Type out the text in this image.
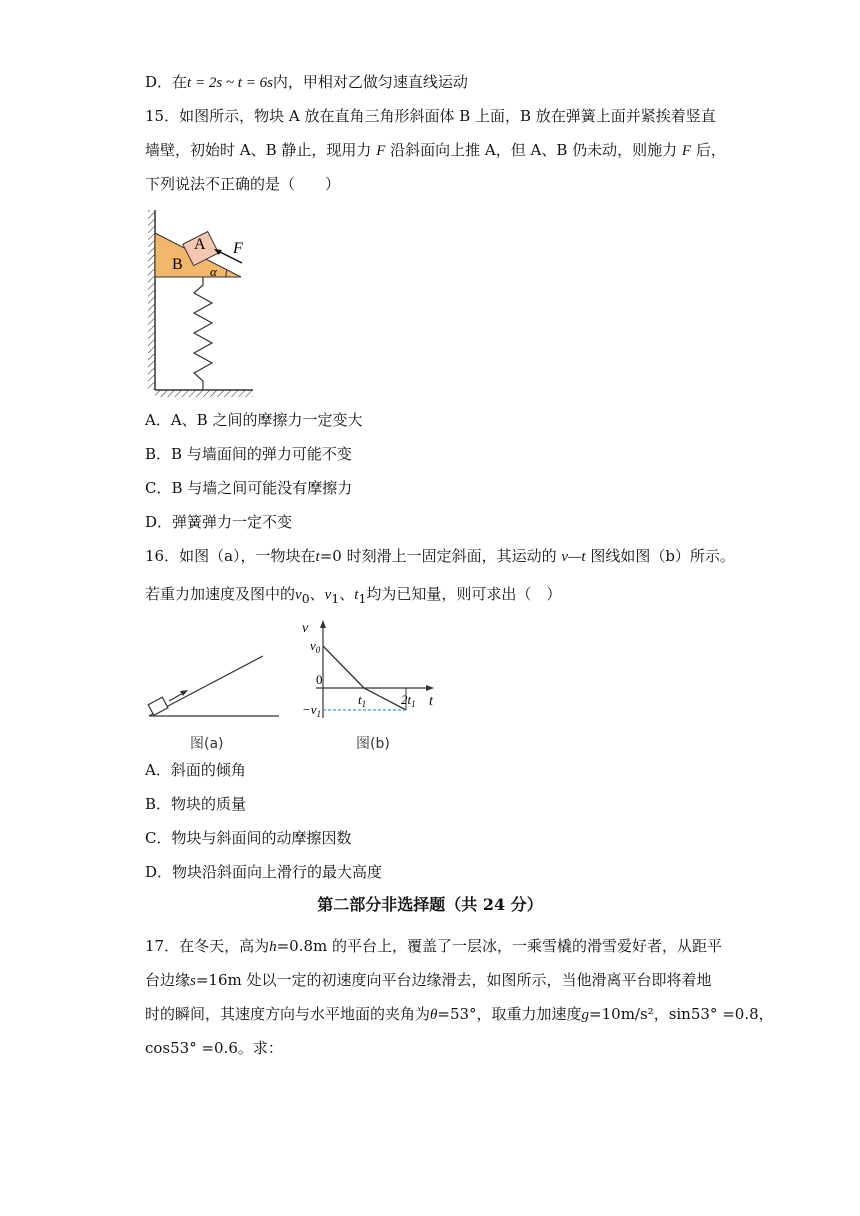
D．在t = 2s ~ t = 6s内，甲相对乙做匀速直线运动
15．如图所示，物块 A 放在直角三角形斜面体 B 上面，B 放在弹簧上面并紧挨着竖直
墙壁，初始时 A、B 静止，现用力 F 沿斜面向上推 A，但 A、B 仍未动，则施力 F 后，
下列说法不正确的是（　　）
B
A F
α
A．A、B 之间的摩擦力一定变大
B．B 与墙面间的弹力可能不变
C．B 与墙之间可能没有摩擦力
D．弹簧弹力一定不变
16．如图（a），一物块在t=0 时刻滑上一固定斜面，其运动的 v—t 图线如图（b）所示。
若重力加速度及图中的$v_0$、$v_1$、$t_1$均为已知量，则可求出（　）
图(a)
v
$v_0$
0
$t_1$	$2t_1$ t
$-v_1$
图(b)
A．斜面的倾角
B．物块的质量
C．物块与斜面间的动摩擦因数
D．物块沿斜面向上滑行的最大高度
第二部分非选择题（共 24 分）
17．在冬天，高为h=0.8m 的平台上，覆盖了一层冰，一乘雪橇的滑雪爱好者，从距平
台边缘s=16m 处以一定的初速度向平台边缘滑去，如图所示，当他滑离平台即将着地
时的瞬间，其速度方向与水平地面的夹角为θ=53°，取重力加速度g=10m/s²，sin53° =0.8，
cos53° =0.6。求：
